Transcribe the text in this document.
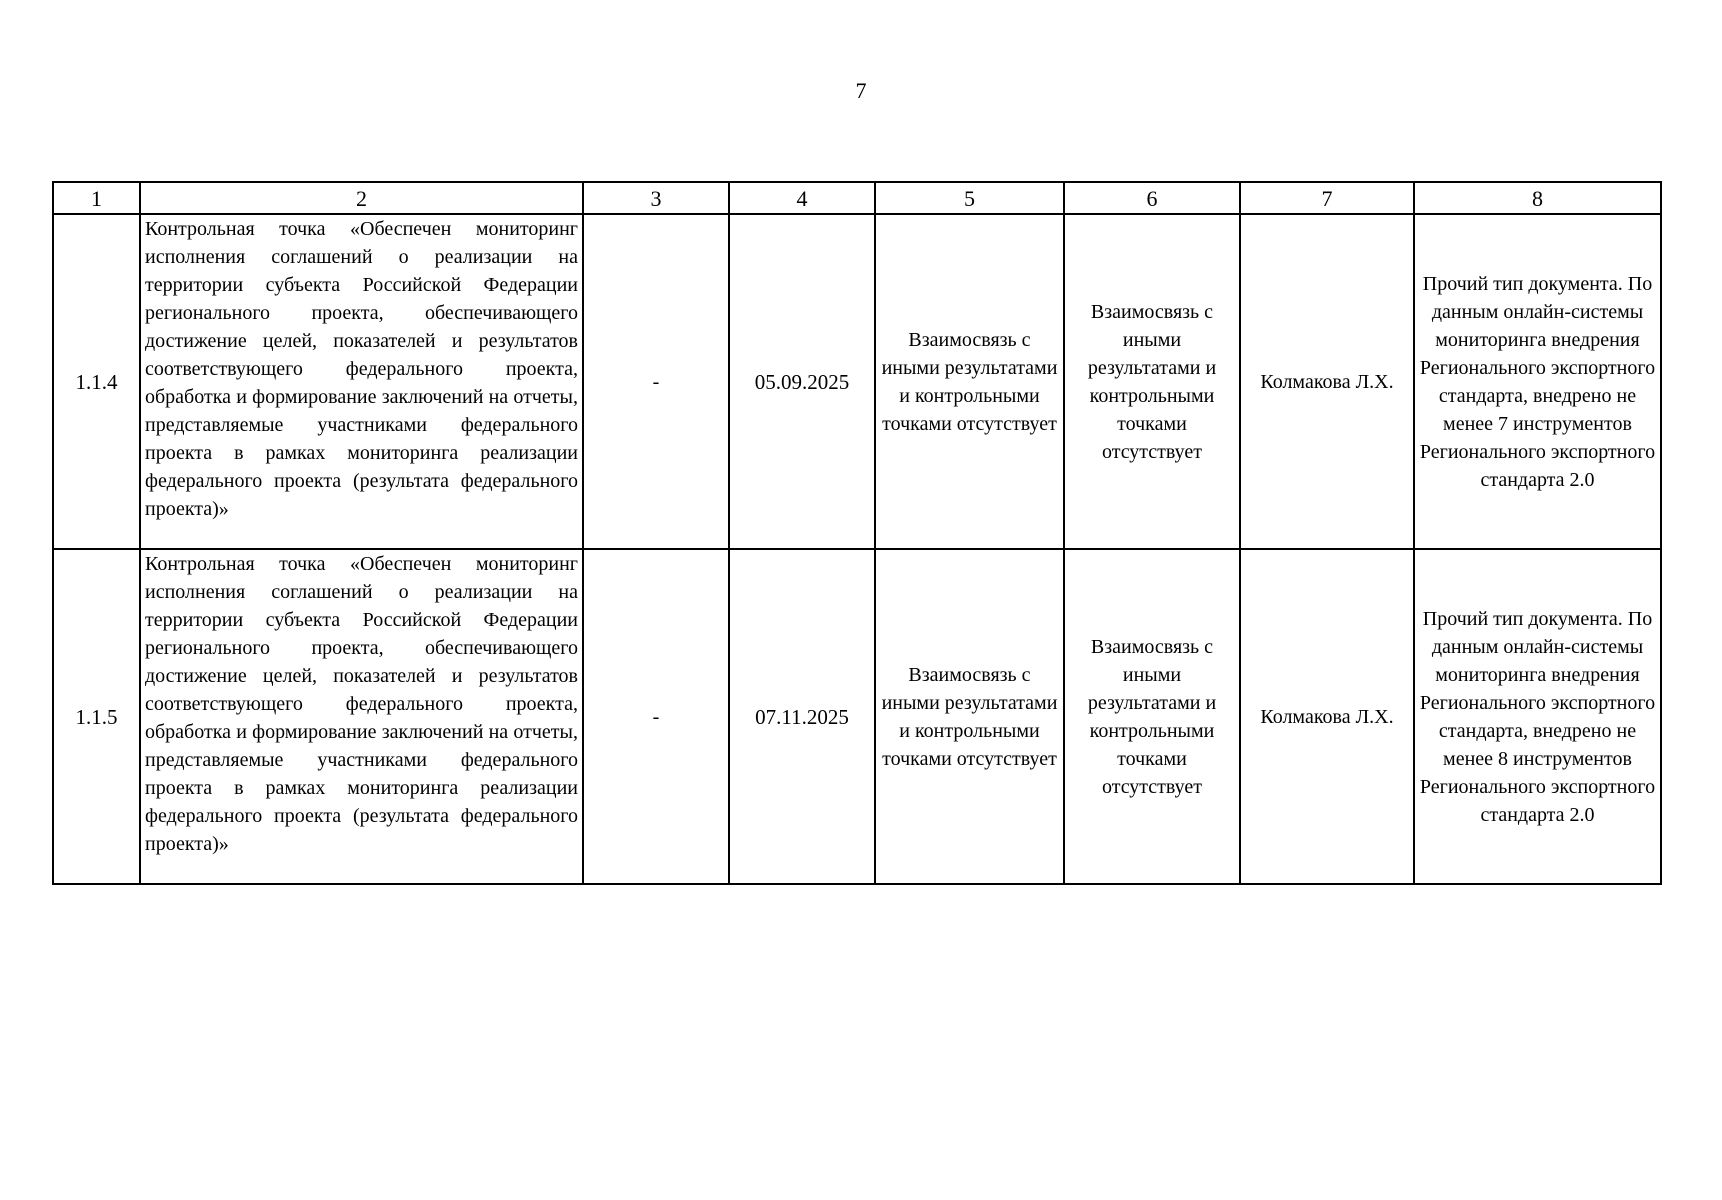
7
1	2	3	4	5	6	7	8
1.1.4	Контрольная точка «Обеспечен мониторинг исполнения соглашений о реализации на территории субъекта Российской Федерации регионального проекта, обеспечивающего достижение целей, показателей и результатов соответствующего федерального проекта, обработка и формирование заключений на отчеты, представляемые участниками федерального проекта в рамках мониторинга реализации федерального проекта (результата федерального проекта)»	-	05.09.2025	Взаимосвязь с иными результатами и контрольными точками отсутствует	Взаимосвязь с иными результатами и контрольными точками отсутствует	Колмакова Л.Х.	Прочий тип документа. По данным онлайн-системы мониторинга внедрения Регионального экспортного стандарта, внедрено не менее 7 инструментов Регионального экспортного стандарта 2.0
1.1.5	Контрольная точка «Обеспечен мониторинг исполнения соглашений о реализации на территории субъекта Российской Федерации регионального проекта, обеспечивающего достижение целей, показателей и результатов соответствующего федерального проекта, обработка и формирование заключений на отчеты, представляемые участниками федерального проекта в рамках мониторинга реализации федерального проекта (результата федерального проекта)»	-	07.11.2025	Взаимосвязь с иными результатами и контрольными точками отсутствует	Взаимосвязь с иными результатами и контрольными точками отсутствует	Колмакова Л.Х.	Прочий тип документа. По данным онлайн-системы мониторинга внедрения Регионального экспортного стандарта, внедрено не менее 8 инструментов Регионального экспортного стандарта 2.0
